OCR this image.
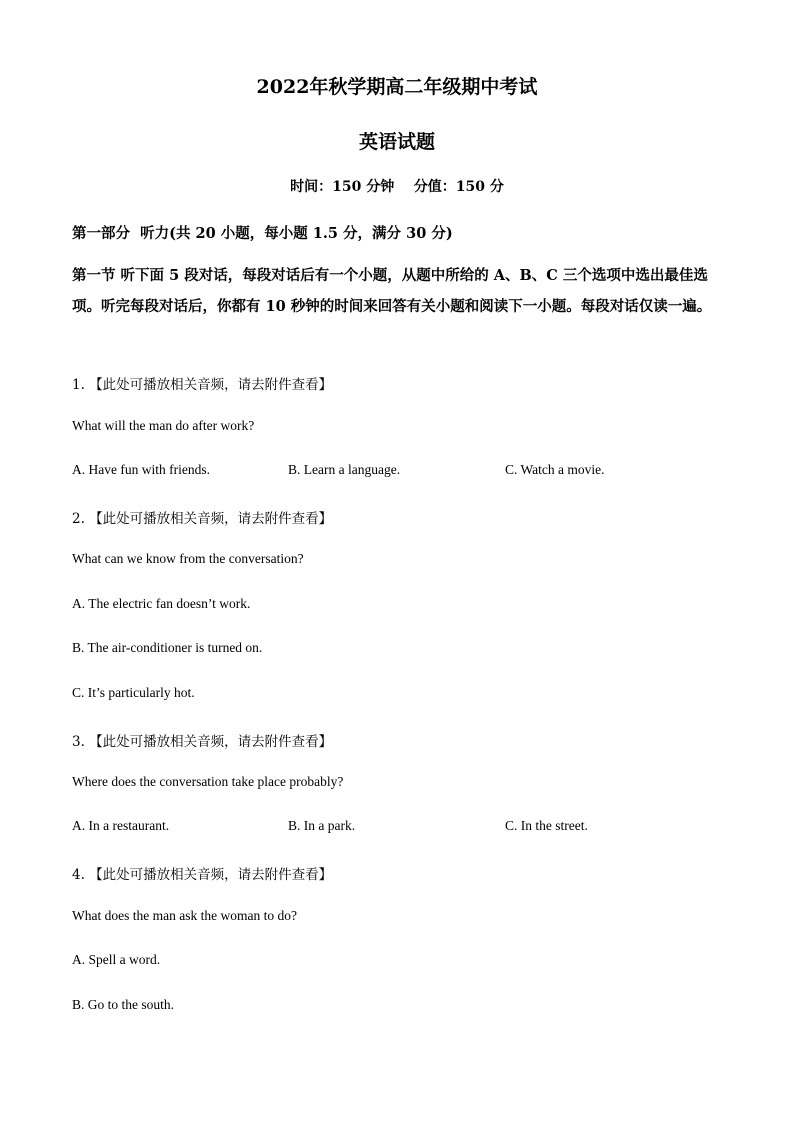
2022年秋学期高二年级期中考试
英语试题
时间：150 分钟    分值：150 分
第一部分  听力(共 20 小题，每小题 1.5 分，满分 30 分)
第一节 听下面 5 段对话，每段对话后有一个小题，从题中所给的 A、B、C 三个选项中选出最佳选项。听完每段对话后，你都有 10 秒钟的时间来回答有关小题和阅读下一小题。每段对话仅读一遍。
1. 【此处可播放相关音频，请去附件查看】
What will the man do after work?
A. Have fun with friends.	B. Learn a language.	C. Watch a movie.
2. 【此处可播放相关音频，请去附件查看】
What can we know from the conversation?
A. The electric fan doesn’t work.
B. The air-conditioner is turned on.
C. It’s particularly hot.
3. 【此处可播放相关音频，请去附件查看】
Where does the conversation take place probably?
A. In a restaurant.	B. In a park.	C. In the street.
4. 【此处可播放相关音频，请去附件查看】
What does the man ask the woman to do?
A. Spell a word.
B. Go to the south.
